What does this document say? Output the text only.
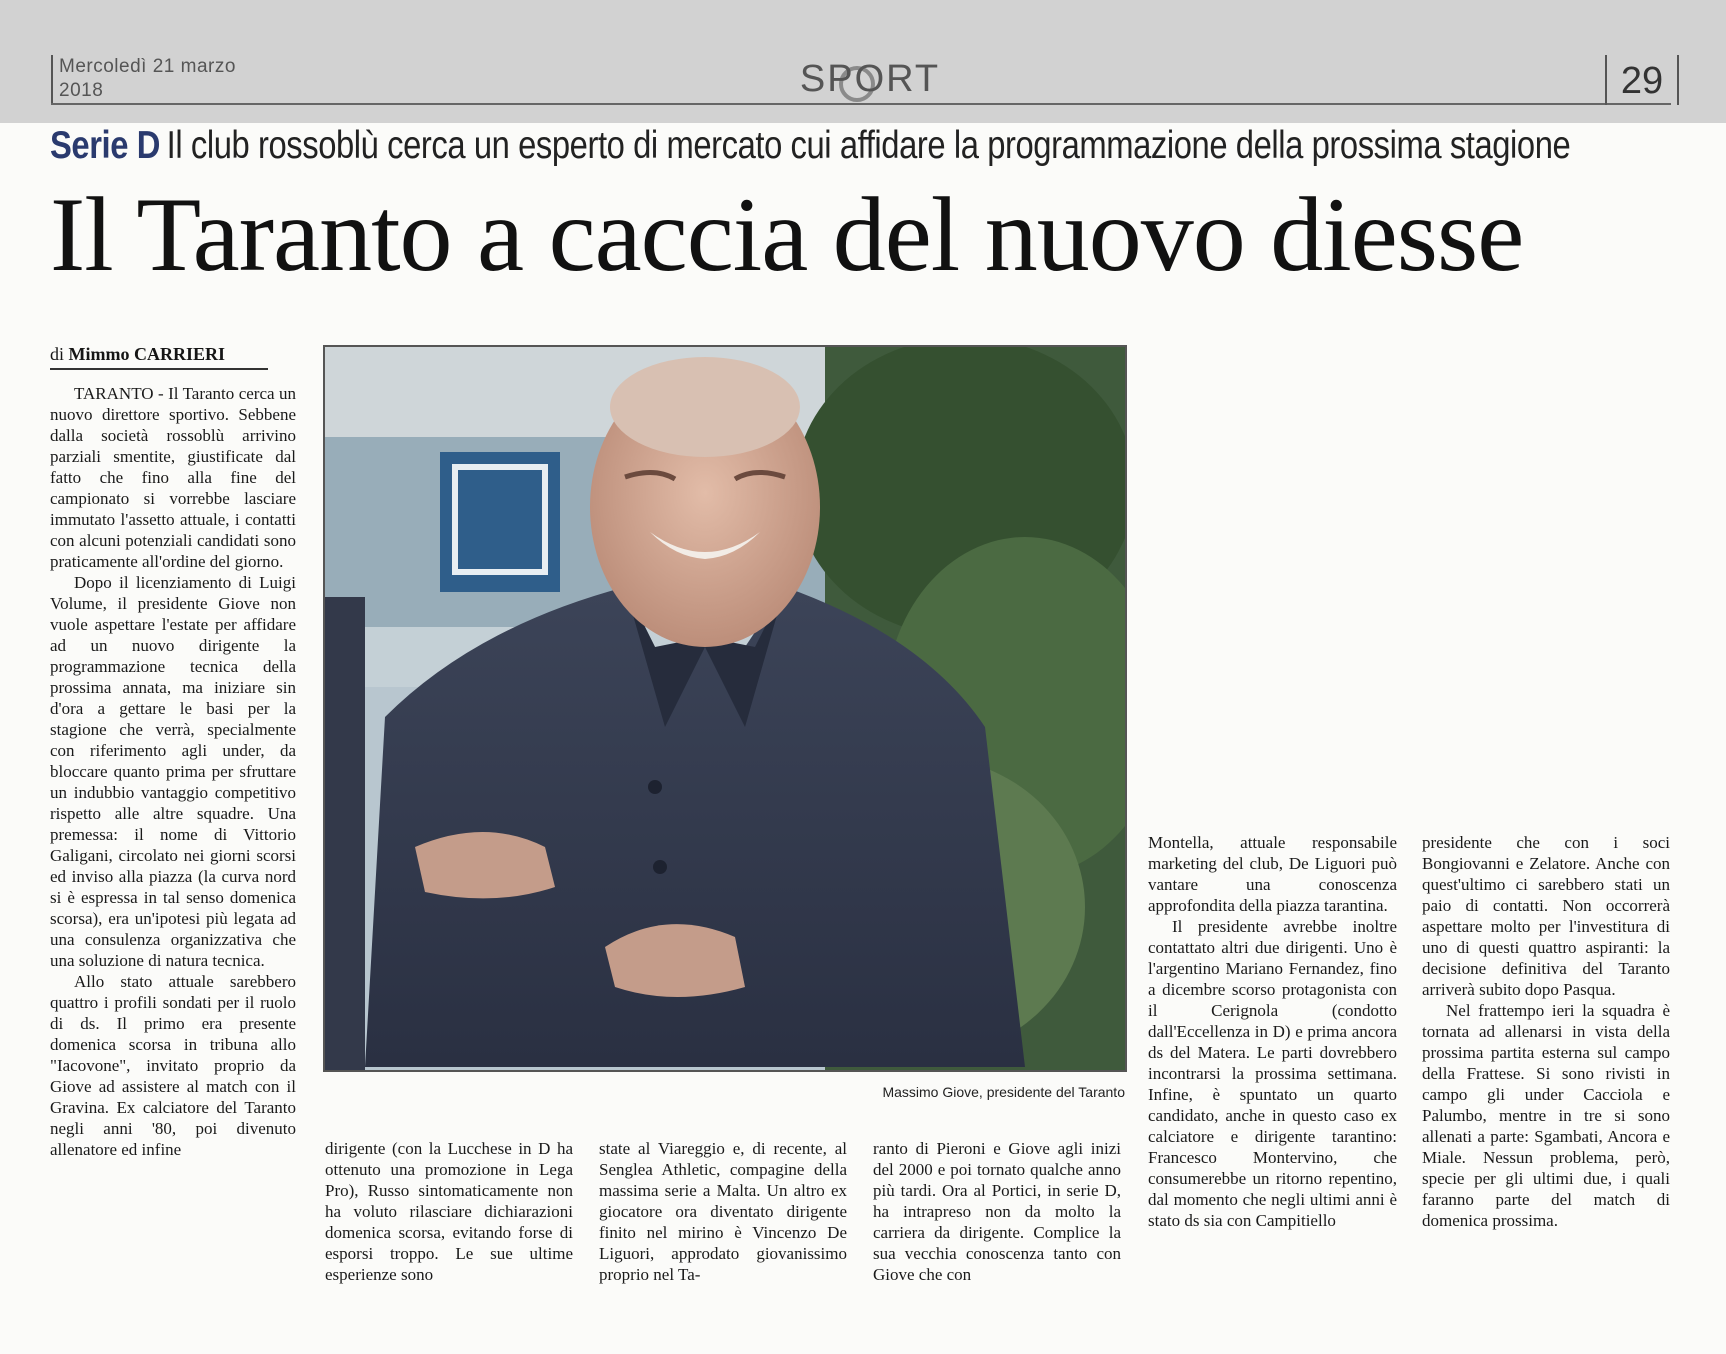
Mercoledì 21 marzo
2018	SPORT	29
Serie D Il club rossoblù cerca un esperto di mercato cui affidare la programmazione della prossima stagione
Il Taranto a caccia del nuovo diesse
di Mimmo CARRIERI

TARANTO - Il Taranto cerca un nuovo direttore sportivo. Sebbene dalla società rossoblù arrivino parziali smentite, giustificate dal fatto che fino alla fine del campionato si vorrebbe lasciare immutato l'assetto attuale, i contatti con alcuni potenziali candidati sono praticamente all'ordine del giorno.

Dopo il licenziamento di Luigi Volume, il presidente Giove non vuole aspettare l'estate per affidare ad un nuovo dirigente la programmazione tecnica della prossima annata, ma iniziare sin d'ora a gettare le basi per la stagione che verrà, specialmente con riferimento agli under, da bloccare quanto prima per sfruttare un indubbio vantaggio competitivo rispetto alle altre squadre. Una premessa: il nome di Vittorio Galigani, circolato nei giorni scorsi ed inviso alla piazza (la curva nord si è espressa in tal senso domenica scorsa), era un'ipotesi più legata ad una consulenza organizzativa che una soluzione di natura tecnica.

Allo stato attuale sarebbero quattro i profili sondati per il ruolo di ds. Il primo era presente domenica scorsa in tribuna allo "Iacovone", invitato proprio da Giove ad assistere al match con il Gravina. Ex calciatore del Taranto negli anni '80, poi divenuto allenatore ed infine

Massimo Giove, presidente del Taranto

dirigente (con la Lucchese in D ha ottenuto una promozione in Lega Pro), Russo sintomaticamente non ha voluto rilasciare dichiarazioni domenica scorsa, evitando forse di esporsi troppo. Le sue ultime esperienze sono

state al Viareggio e, di recente, al Senglea Athletic, compagine della massima serie a Malta. Un altro ex giocatore ora diventato dirigente finito nel mirino è Vincenzo De Liguori, approdato giovanissimo proprio nel Ta-

ranto di Pieroni e Giove agli inizi del 2000 e poi tornato qualche anno più tardi. Ora al Portici, in serie D, ha intrapreso non da molto la carriera da dirigente. Complice la sua vecchia conoscenza tanto con Giove che con

Montella, attuale responsabile marketing del club, De Liguori può vantare una conoscenza approfondita della piazza tarantina.

Il presidente avrebbe inoltre contattato altri due dirigenti. Uno è l'argentino Mariano Fernandez, fino a dicembre scorso protagonista con il Cerignola (condotto dall'Eccellenza in D) e prima ancora ds del Matera. Le parti dovrebbero incontrarsi la prossima settimana. Infine, è spuntato un quarto candidato, anche in questo caso ex calciatore e dirigente tarantino: Francesco Montervino, che consumerebbe un ritorno repentino, dal momento che negli ultimi anni è stato ds sia con Campitiello

presidente che con i soci Bongiovanni e Zelatore. Anche con quest'ultimo ci sarebbero stati un paio di contatti. Non occorrerà aspettare molto per l'investitura di uno di questi quattro aspiranti: la decisione definitiva del Taranto arriverà subito dopo Pasqua.

Nel frattempo ieri la squadra è tornata ad allenarsi in vista della prossima partita esterna sul campo della Frattese. Si sono rivisti in campo gli under Cacciola e Palumbo, mentre in tre si sono allenati a parte: Sgambati, Ancora e Miale. Nessun problema, però, specie per gli ultimi due, i quali faranno parte del match di domenica prossima.
